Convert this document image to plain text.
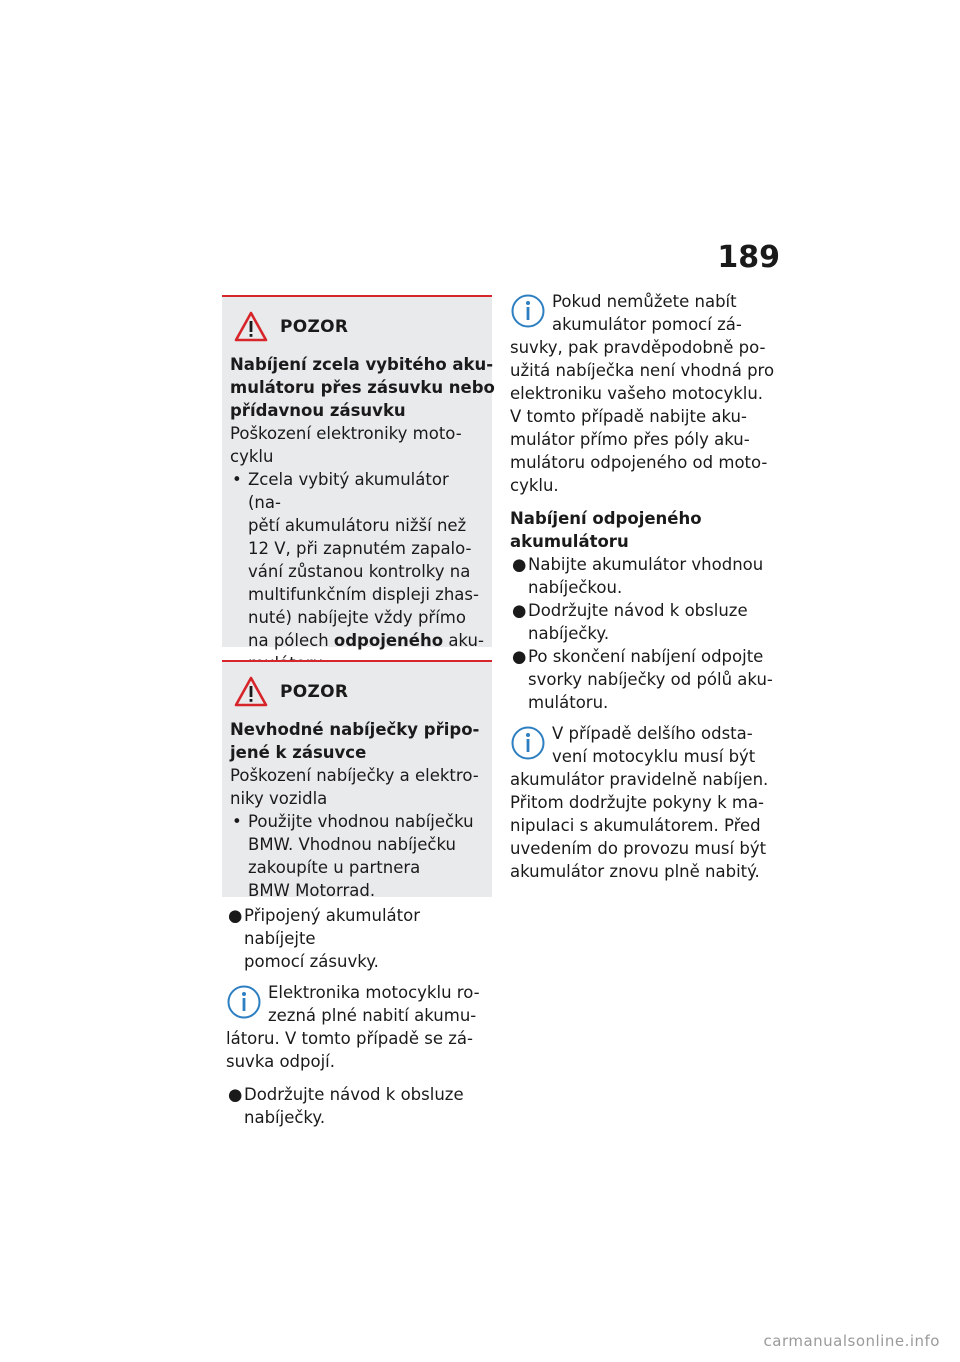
189
POZOR
Nabíjení zcela vybitého aku-
mulátoru přes zásuvku nebo
přídavnou zásuvku
Poškození elektroniky moto-
cyklu
• Zcela vybitý akumulátor (na-
pětí akumulátoru nižší než
12 V, při zapnutém zapalo-
vání zůstanou kontrolky na
multifunkčním displeji zhas-
nuté) nabíjejte vždy přímo
na pólech odpojeného aku-
POZOR
Nevhodné nabíječky připo-
jené k zásuvce
Poškození nabíječky a elektro-
niky vozidla
• Použijte vhodnou nabíječku
BMW. Vhodnou nabíječku
zakoupíte u partnera
BMW Motorrad.
● Připojený akumulátor nabíjejte
pomocí zásuvky.
Elektronika motocyklu ro-
zezná plné nabití akumu-
látoru. V tomto případě se zá-
suvka odpojí.
● Dodržujte návod k obsluze
nabíječky.
Pokud nemůžete nabít
akumulátor pomocí zá-
suvky, pak pravděpodobně po-
užitá nabíječka není vhodná pro
elektroniku vašeho motocyklu.
V tomto případě nabijte aku-
mulátor přímo přes póly aku-
mulátoru odpojeného od moto-
cyklu.
Nabíjení odpojeného
akumulátoru
● Nabijte akumulátor vhodnou
nabíječkou.
● Dodržujte návod k obsluze
nabíječky.
● Po skončení nabíjení odpojte
svorky nabíječky od pólů aku-
mulátoru.
V případě delšího odsta-
vení motocyklu musí být
akumulátor pravidelně nabíjen.
Přitom dodržujte pokyny k ma-
nipulaci s akumulátorem. Před
uvedením do provozu musí být
akumulátor znovu plně nabitý.
carmanualsonline.info
